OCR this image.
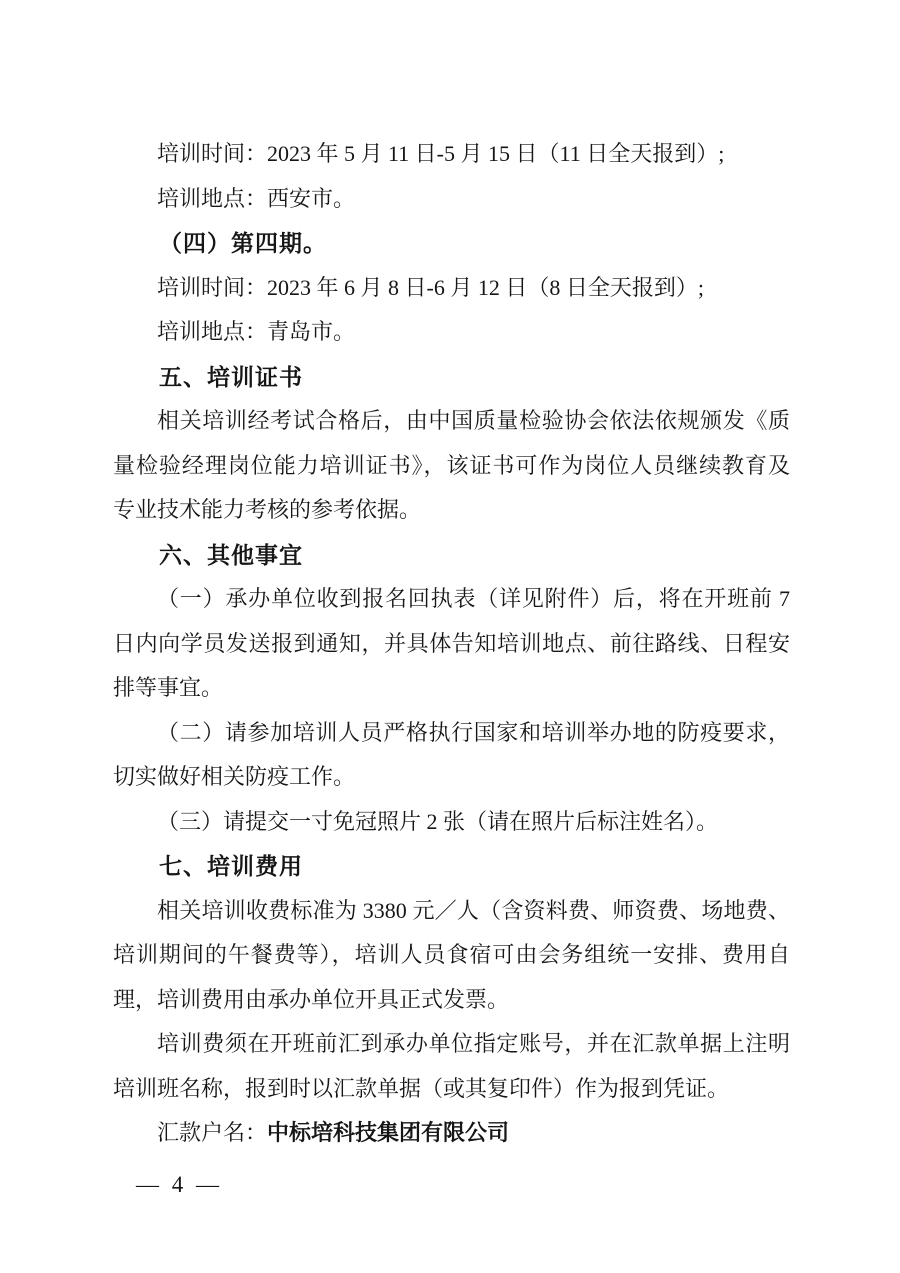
培训时间：2023 年 5 月 11 日-5 月 15 日（11 日全天报到）;

培训地点：西安市。

（四）第四期。

培训时间：2023 年 6 月 8 日-6 月 12 日（8 日全天报到）;

培训地点：青岛市。

五、培训证书

相关培训经考试合格后，由中国质量检验协会依法依规颁发《质

量检验经理岗位能力培训证书》，该证书可作为岗位人员继续教育及

专业技术能力考核的参考依据。

六、其他事宜

（一）承办单位收到报名回执表（详见附件）后，将在开班前 7

日内向学员发送报到通知，并具体告知培训地点、前往路线、日程安

排等事宜。

（二）请参加培训人员严格执行国家和培训举办地的防疫要求，

切实做好相关防疫工作。

（三）请提交一寸免冠照片 2 张（请在照片后标注姓名）。

七、培训费用

相关培训收费标准为 3380 元／人（含资料费、师资费、场地费、

培训期间的午餐费等），培训人员食宿可由会务组统一安排、费用自

理，培训费用由承办单位开具正式发票。

培训费须在开班前汇到承办单位指定账号，并在汇款单据上注明

培训班名称，报到时以汇款单据（或其复印件）作为报到凭证。

汇款户名：中标培科技集团有限公司

— 4 —
